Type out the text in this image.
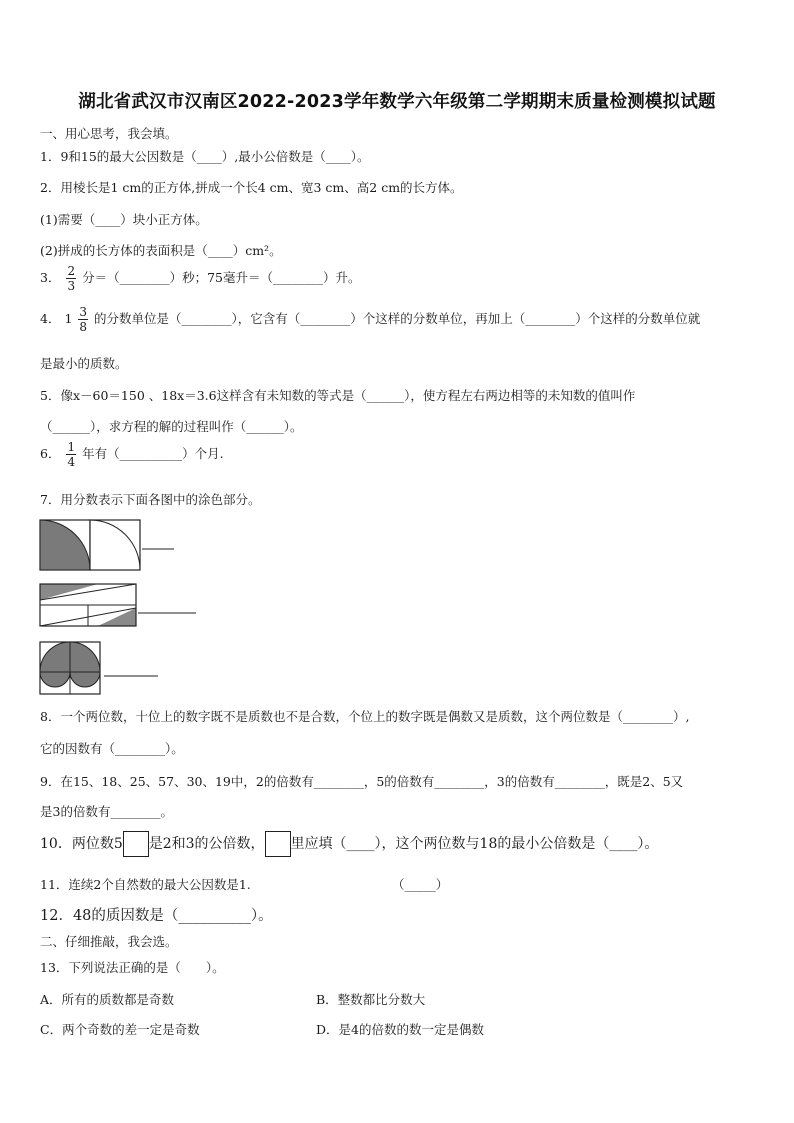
湖北省武汉市汉南区2022-2023学年数学六年级第二学期期末质量检测模拟试题
一、用心思考，我会填。
1．9和15的最大公因数是（____）,最小公倍数是（____）。
2．用棱长是1 cm的正方体,拼成一个长4 cm、宽3 cm、高2 cm的长方体。
(1)需要（____）块小正方体。
(2)拼成的长方体的表面积是（____）cm²。
3． $\frac{2}{3}$ 分＝（________）秒；75毫升＝（________）升。
4． $1 \frac{3}{8}$ 的分数单位是（________），它含有（________）个这样的分数单位，再加上（________）个这样的分数单位就
是最小的质数。
5．像x－60＝150 、18x＝3.6这样含有未知数的等式是（______），使方程左右两边相等的未知数的值叫作
（______），求方程的解的过程叫作（______）。
6． $\frac{1}{4}$ 年有（__________）个月.
7．用分数表示下面各图中的涂色部分。
8．一个两位数，十位上的数字既不是质数也不是合数，个位上的数字既是偶数又是质数，这个两位数是（________）,
它的因数有（________）。
9．在15、18、25、57、30、19中，2的倍数有________，5的倍数有________，3的倍数有________，既是2、5又
是3的倍数有________。
10．两位数5 是2和3的公倍数， 里应填（____），这个两位数与18的最小公倍数是（____）。
11．连续2个自然数的最大公因数是1.	（_____）
12．48的质因数是（__________）。
二、仔细推敲，我会选。
13．下列说法正确的是（　　）。
A．所有的质数都是奇数	B．整数都比分数大
C．两个奇数的差一定是奇数	D．是4的倍数的数一定是偶数
